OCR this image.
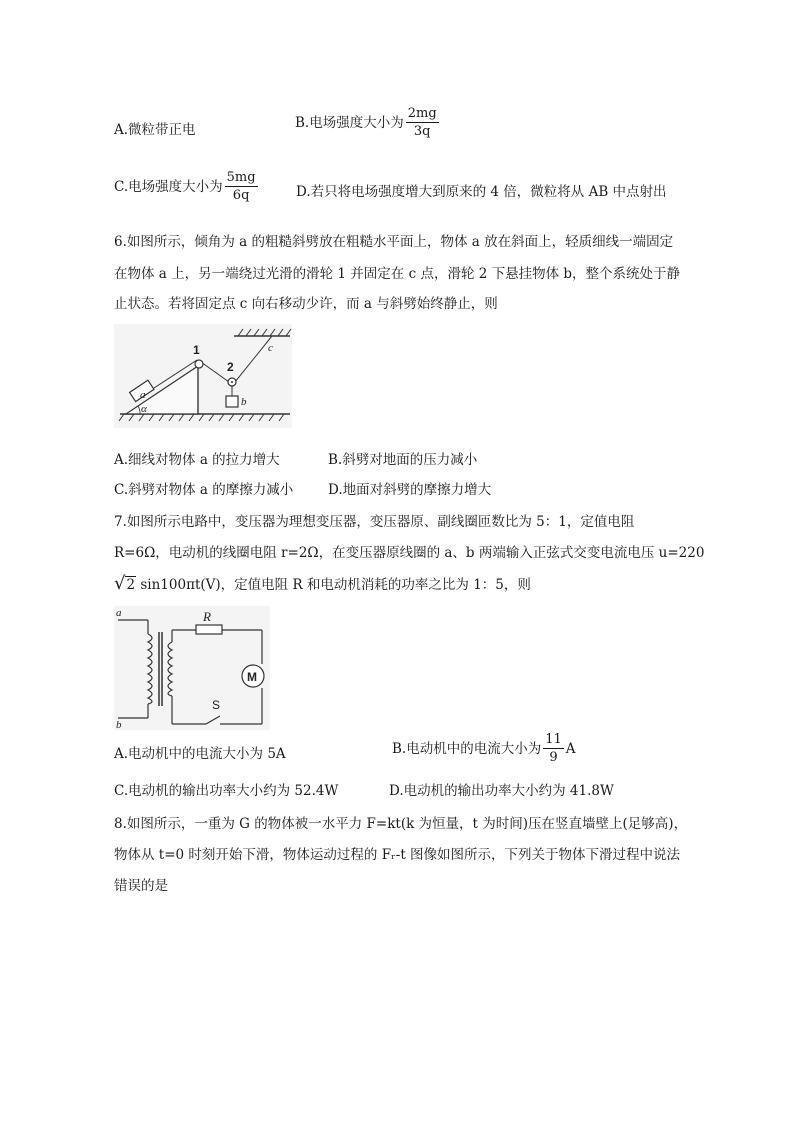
A.微粒带正电	B.电场强度大小为 $\frac{2mg}{3q}$
C.电场强度大小为 $\frac{5mg}{6q}$	D.若只将电场强度增大到原来的 4 倍，微粒将从 AB 中点射出
6.如图所示，倾角为 a 的粗糙斜劈放在粗糙水平面上，物体 a 放在斜面上，轻质细线一端固定
在物体 a 上，另一端绕过光滑的滑轮 1 并固定在 c 点，滑轮 2 下悬挂物体 b，整个系统处于静
止状态。若将固定点 c 向右移动少许，而 a 与斜劈始终静止，则
1
2
c
a
b
α
A.细线对物体 a 的拉力增大	B.斜劈对地面的压力减小
C.斜劈对物体 a 的摩擦力减小	D.地面对斜劈的摩擦力增大
7.如图所示电路中，变压器为理想变压器，变压器原、副线圈匝数比为 5：1，定值电阻
R=6Ω，电动机的线圈电阻 r=2Ω，在变压器原线圈的 a、b 两端输入正弦式交变电流电压 u=220
√2 sin100πt(V)，定值电阻 R 和电动机消耗的功率之比为 1：5，则
a
b
R
M
S
A.电动机中的电流大小为 5A	B.电动机中的电流大小为 $\frac{11}{9}$ A
C.电动机的输出功率大小约为 52.4W	D.电动机的输出功率大小约为 41.8W
8.如图所示，一重为 G 的物体被一水平力 F=kt(k 为恒量，t 为时间)压在竖直墙壁上(足够高)，
物体从 t=0 时刻开始下滑，物体运动过程的 Fᵣ-t 图像如图所示，下列关于物体下滑过程中说法
错误的是
